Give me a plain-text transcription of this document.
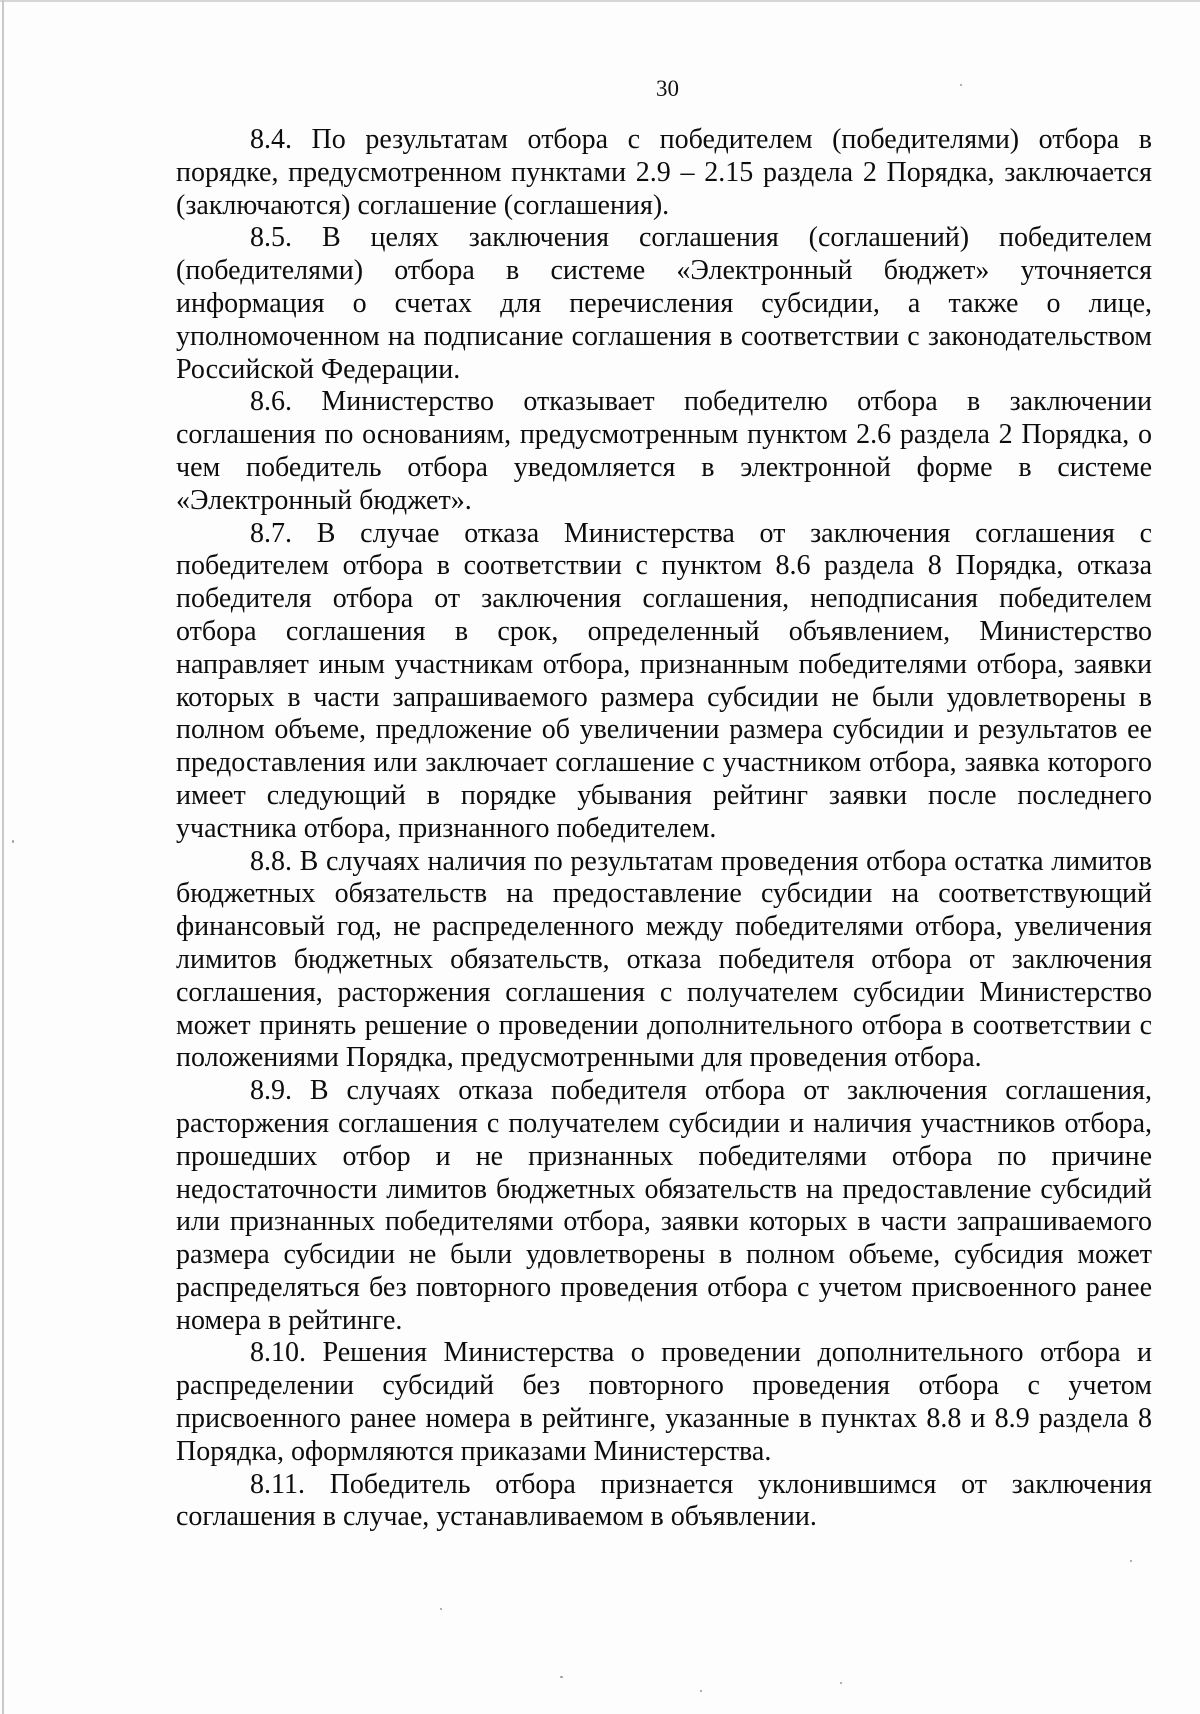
30

8.4. По результатам отбора с победителем (победителями) отбора в порядке, предусмотренном пунктами 2.9 – 2.15 раздела 2 Порядка, заключается (заключаются) соглашение (соглашения).

8.5. В целях заключения соглашения (соглашений) победителем (победителями) отбора в системе «Электронный бюджет» уточняется информация о счетах для перечисления субсидии, а также о лице, уполномоченном на подписание соглашения в соответствии с законодательством Российской Федерации.

8.6. Министерство отказывает победителю отбора в заключении соглашения по основаниям, предусмотренным пунктом 2.6 раздела 2 Порядка, о чем победитель отбора уведомляется в электронной форме в системе «Электронный бюджет».

8.7. В случае отказа Министерства от заключения соглашения с победителем отбора в соответствии с пунктом 8.6 раздела 8 Порядка, отказа победителя отбора от заключения соглашения, неподписания победителем отбора соглашения в срок, определенный объявлением, Министерство направляет иным участникам отбора, признанным победителями отбора, заявки которых в части запрашиваемого размера субсидии не были удовлетворены в полном объеме, предложение об увеличении размера субсидии и результатов ее предоставления или заключает соглашение с участником отбора, заявка которого имеет следующий в порядке убывания рейтинг заявки после последнего участника отбора, признанного победителем.

8.8. В случаях наличия по результатам проведения отбора остатка лимитов бюджетных обязательств на предоставление субсидии на соответствующий финансовый год, не распределенного между победителями отбора, увеличения лимитов бюджетных обязательств, отказа победителя отбора от заключения соглашения, расторжения соглашения с получателем субсидии Министерство может принять решение о проведении дополнительного отбора в соответствии с положениями Порядка, предусмотренными для проведения отбора.

8.9. В случаях отказа победителя отбора от заключения соглашения, расторжения соглашения с получателем субсидии и наличия участников отбора, прошедших отбор и не признанных победителями отбора по причине недостаточности лимитов бюджетных обязательств на предоставление субсидий или признанных победителями отбора, заявки которых в части запрашиваемого размера субсидии не были удовлетворены в полном объеме, субсидия может распределяться без повторного проведения отбора с учетом присвоенного ранее номера в рейтинге.

8.10. Решения Министерства о проведении дополнительного отбора и распределении субсидий без повторного проведения отбора с учетом присвоенного ранее номера в рейтинге, указанные в пунктах 8.8 и 8.9 раздела 8 Порядка, оформляются приказами Министерства.

8.11. Победитель отбора признается уклонившимся от заключения соглашения в случае, устанавливаемом в объявлении.
